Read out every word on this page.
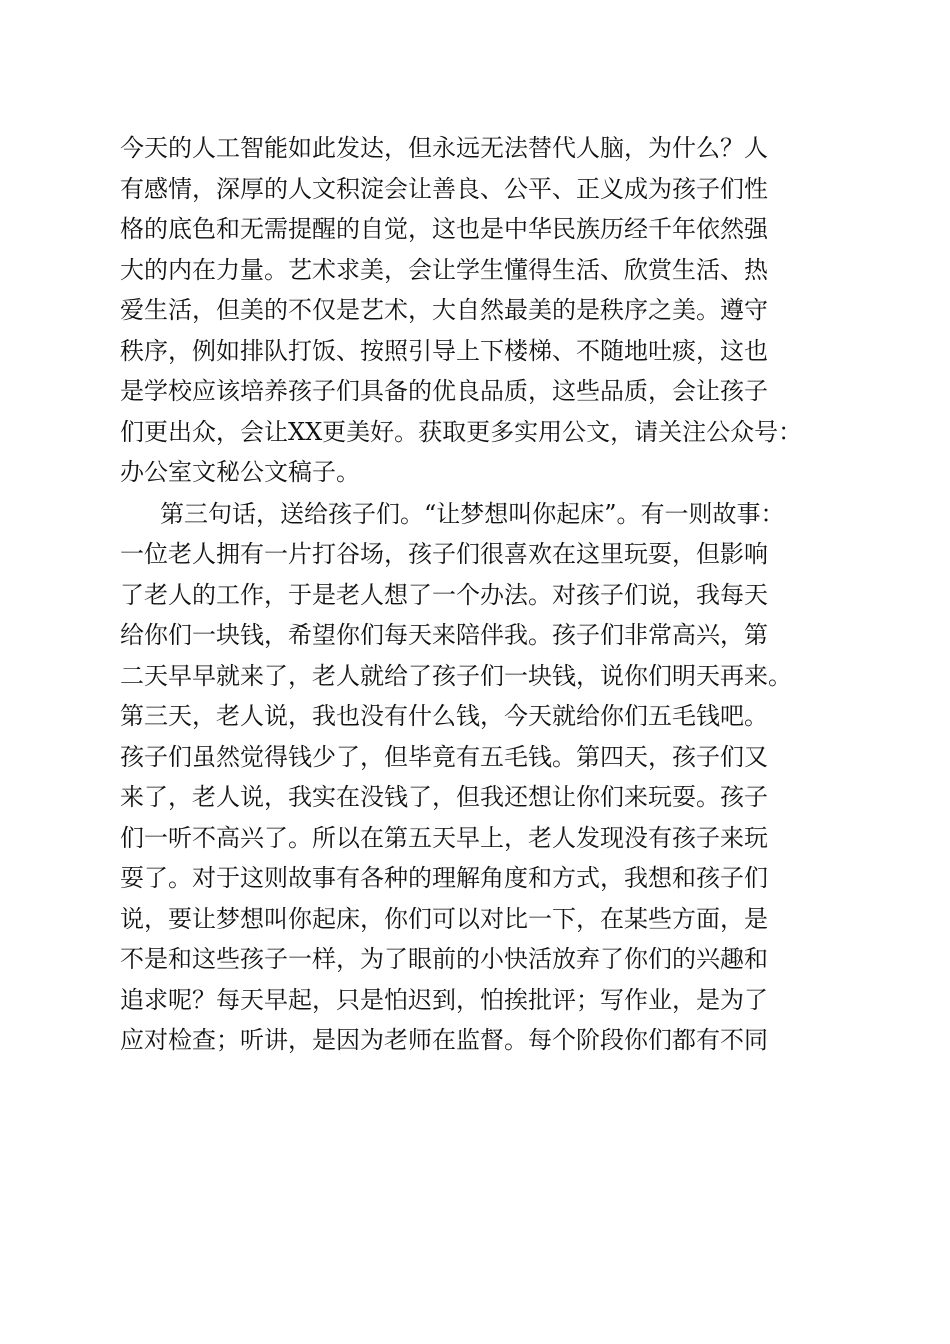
今天的人工智能如此发达，但永远无法替代人脑，为什么？人
有感情，深厚的人文积淀会让善良、公平、正义成为孩子们性
格的底色和无需提醒的自觉，这也是中华民族历经千年依然强
大的内在力量。艺术求美，会让学生懂得生活、欣赏生活、热
爱生活，但美的不仅是艺术，大自然最美的是秩序之美。遵守
秩序，例如排队打饭、按照引导上下楼梯、不随地吐痰，这也
是学校应该培养孩子们具备的优良品质，这些品质，会让孩子
们更出众，会让XX更美好。获取更多实用公文，请关注公众号：
办公室文秘公文稿子。
第三句话，送给孩子们。“让梦想叫你起床”。有一则故事：
一位老人拥有一片打谷场，孩子们很喜欢在这里玩耍，但影响
了老人的工作，于是老人想了一个办法。对孩子们说，我每天
给你们一块钱，希望你们每天来陪伴我。孩子们非常高兴，第
二天早早就来了，老人就给了孩子们一块钱，说你们明天再来。
第三天，老人说，我也没有什么钱，今天就给你们五毛钱吧。
孩子们虽然觉得钱少了，但毕竟有五毛钱。第四天，孩子们又
来了，老人说，我实在没钱了，但我还想让你们来玩耍。孩子
们一听不高兴了。所以在第五天早上，老人发现没有孩子来玩
耍了。对于这则故事有各种的理解角度和方式，我想和孩子们
说，要让梦想叫你起床，你们可以对比一下，在某些方面，是
不是和这些孩子一样，为了眼前的小快活放弃了你们的兴趣和
追求呢？每天早起，只是怕迟到，怕挨批评；写作业，是为了
应对检查；听讲，是因为老师在监督。每个阶段你们都有不同
